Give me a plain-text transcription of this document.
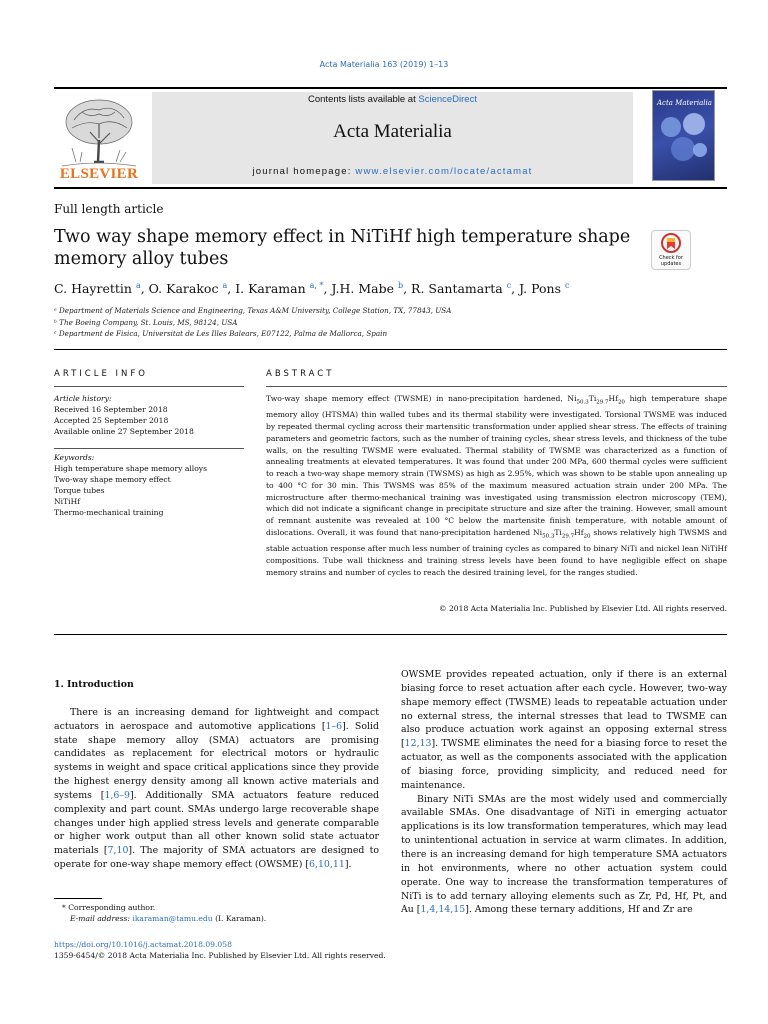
Acta Materialia 163 (2019) 1–13
ELSEVIER
Contents lists available at ScienceDirect
Acta Materialia
journal homepage: www.elsevier.com/locate/actamat
Acta Materialia
Full length article
Two way shape memory effect in NiTiHf high temperature shape memory alloy tubes	Check for updates
C. Hayrettin $^a$, O. Karakoc $^a$, I. Karaman $^{a, *}$, J.H. Mabe $^b$, R. Santamarta $^c$, J. Pons $^c$
ᵃ Department of Materials Science and Engineering, Texas A&M University, College Station, TX, 77843, USA
ᵇ The Boeing Company, St. Louis, MS, 98124, USA
ᶜ Department de Fisica, Universitat de Les Illes Balears, E07122, Palma de Mallorca, Spain
ARTICLE INFO
Article history:
Received 16 September 2018
Accepted 25 September 2018
Available online 27 September 2018
Keywords:
High temperature shape memory alloys
Two-way shape memory effect
Torque tubes
NiTiHf
Thermo-mechanical training
ABSTRACT
Two-way shape memory effect (TWSME) in nano-precipitation hardened, $Ni_{50.3}Ti_{29.7}Hf_{20}$ high temperature shape memory alloy (HTSMA) thin walled tubes and its thermal stability were investigated. Torsional TWSME was induced by repeated thermal cycling across their martensitic transformation under applied shear stress. The effects of training parameters and geometric factors, such as the number of training cycles, shear stress levels, and thickness of the tube walls, on the resulting TWSME were evaluated. Thermal stability of TWSME was characterized as a function of annealing treatments at elevated temperatures. It was found that under 200 MPa, 600 thermal cycles were sufficient to reach a two-way shape memory strain (TWSMS) as high as 2.95%, which was shown to be stable upon annealing up to 400 °C for 30 min. This TWSMS was 85% of the maximum measured actuation strain under 200 MPa. The microstructure after thermo-mechanical training was investigated using transmission electron microscopy (TEM), which did not indicate a significant change in precipitate structure and size after the training. However, small amount of remnant austenite was revealed at 100 °C below the martensite finish temperature, with notable amount of dislocations. Overall, it was found that nano-precipitation hardened $Ni_{50.3}Ti_{29.7}Hf_{20}$ shows relatively high TWSMS and stable actuation response after much less number of training cycles as compared to binary NiTi and nickel lean NiTiHf compositions. Tube wall thickness and training stress levels have been found to have negligible effect on shape memory strains and number of cycles to reach the desired training level, for the ranges studied.
© 2018 Acta Materialia Inc. Published by Elsevier Ltd. All rights reserved.

1. Introduction

There is an increasing demand for lightweight and compact actuators in aerospace and automotive applications [1–6]. Solid state shape memory alloy (SMA) actuators are promising candidates as replacement for electrical motors or hydraulic systems in weight and space critical applications since they provide the highest energy density among all known active materials and systems [1,6–9]. Additionally SMA actuators feature reduced complexity and part count. SMAs undergo large recoverable shape changes under high applied stress levels and generate comparable or higher work output than all other known solid state actuator materials [7,10]. The majority of SMA actuators are designed to operate for one-way shape memory effect (OWSME) [6,10,11].

OWSME provides repeated actuation, only if there is an external biasing force to reset actuation after each cycle. However, two-way shape memory effect (TWSME) leads to repeatable actuation under no external stress, the internal stresses that lead to TWSME can also produce actuation work against an opposing external stress [12,13]. TWSME eliminates the need for a biasing force to reset the actuator, as well as the components associated with the application of biasing force, providing simplicity, and reduced need for maintenance.

Binary NiTi SMAs are the most widely used and commercially available SMAs. One disadvantage of NiTi in emerging actuator applications is its low transformation temperatures, which may lead to unintentional actuation in service at warm climates. In addition, there is an increasing demand for high temperature SMA actuators in hot environments, where no other actuation system could operate. One way to increase the transformation temperatures of NiTi is to add ternary alloying elements such as Zr, Pd, Hf, Pt, and Au [1,4,14,15]. Among these ternary additions, Hf and Zr are

* Corresponding author.
E-mail address: ikaraman@tamu.edu (I. Karaman).
https://doi.org/10.1016/j.actamat.2018.09.058
1359-6454/© 2018 Acta Materialia Inc. Published by Elsevier Ltd. All rights reserved.
